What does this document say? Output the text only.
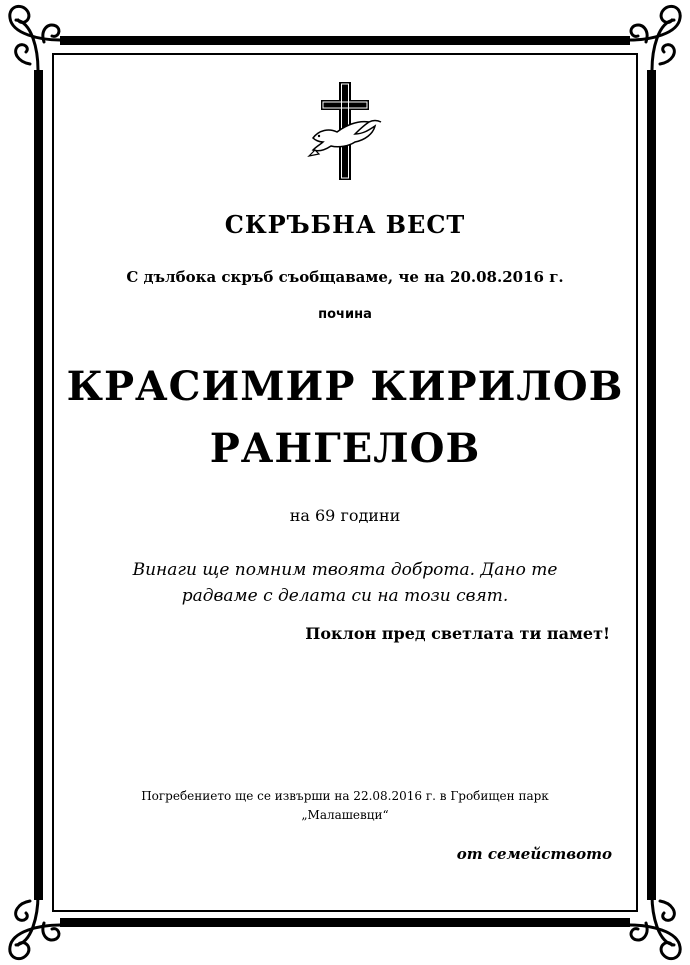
СКРЪБНА ВЕСТ
С дълбока скръб съобщаваме, че на 20.08.2016 г.
почина
КРАСИМИР КИРИЛОВ
РАНГЕЛОВ
на 69 години
Винаги ще помним твоята доброта. Дано те радваме с делата си на този свят.
Поклон пред светлата ти памет!
Погребението ще се извърши на 22.08.2016 г. в Гробищен парк „Малашевци“
от семейството
